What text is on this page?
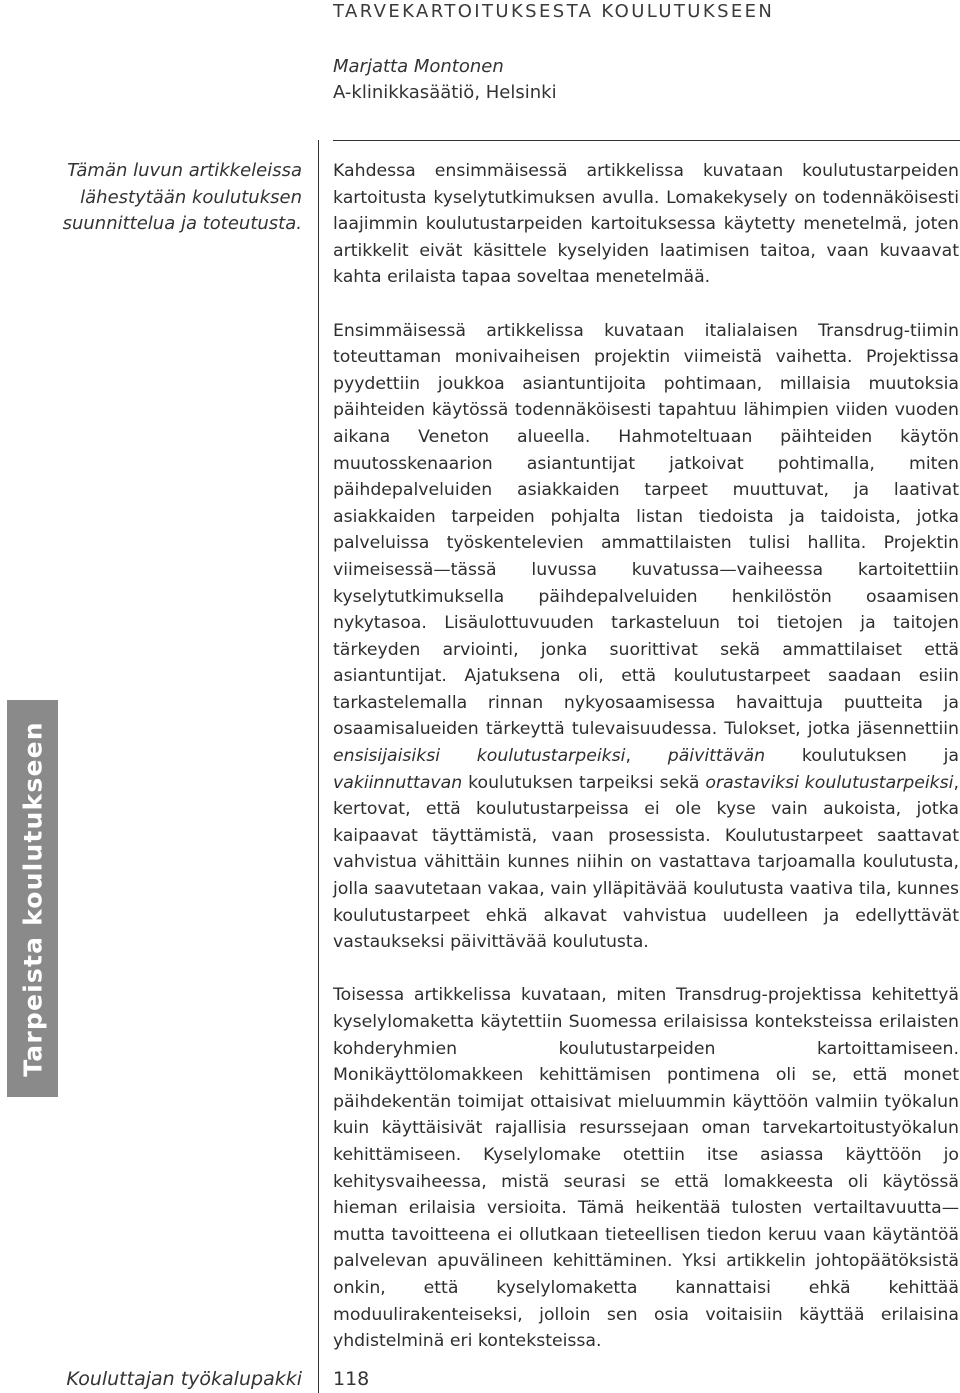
TARVEKARTOITUKSESTA KOULUTUKSEEN
Marjatta Montonen
A-klinikkasäätiö, Helsinki
Tämän luvun artikkeleissa lähestytään koulutuksen suunnittelua ja toteutusta.
Tarpeista koulutukseen

Kahdessa ensimmäisessä artikkelissa kuvataan koulutustarpeiden kartoitusta kyselytutkimuksen avulla. Lomakekysely on todennäköisesti laajimmin koulutustarpeiden kartoituksessa käytetty menetelmä, joten artikkelit eivät käsittele kyselyiden laatimisen taitoa, vaan kuvaavat kahta erilaista tapaa soveltaa menetelmää.

Ensimmäisessä artikkelissa kuvataan italialaisen Transdrug-tiimin toteuttaman monivaiheisen projektin viimeistä vaihetta. Projektissa pyydettiin joukkoa asiantuntijoita pohtimaan, millaisia muutoksia päihteiden käytössä todennäköisesti tapahtuu lähimpien viiden vuoden aikana Veneton alueella. Hahmoteltuaan päihteiden käytön muutosskenaarion asiantuntijat jatkoivat pohtimalla, miten päihdepalveluiden asiakkaiden tarpeet muuttuvat, ja laativat asiakkaiden tarpeiden pohjalta listan tiedoista ja taidoista, jotka palveluissa työskentelevien ammattilaisten tulisi hallita. Projektin viimeisessä—tässä luvussa kuvatussa—vaiheessa kartoitettiin kyselytutkimuksella päihdepalveluiden henkilöstön osaamisen nykytasoa. Lisäulottuvuuden tarkasteluun toi tietojen ja taitojen tärkeyden arviointi, jonka suorittivat sekä ammattilaiset että asiantuntijat. Ajatuksena oli, että koulutustarpeet saadaan esiin tarkastelemalla rinnan nykyosaamisessa havaittuja puutteita ja osaamisalueiden tärkeyttä tulevaisuudessa. Tulokset, jotka jäsennettiin ensisijaisiksi koulutustarpeiksi, päivittävän koulutuksen ja vakiinnuttavan koulutuksen tarpeiksi sekä orastaviksi koulutustarpeiksi, kertovat, että koulutustarpeissa ei ole kyse vain aukoista, jotka kaipaavat täyttämistä, vaan prosessista. Koulutustarpeet saattavat vahvistua vähittäin kunnes niihin on vastattava tarjoamalla koulutusta, jolla saavutetaan vakaa, vain ylläpitävää koulutusta vaativa tila, kunnes koulutustarpeet ehkä alkavat vahvistua uudelleen ja edellyttävät vastaukseksi päivittävää koulutusta.

Toisessa artikkelissa kuvataan, miten Transdrug-projektissa kehitettyä kyselylomaketta käytettiin Suomessa erilaisissa konteksteissa erilaisten kohderyhmien koulutustarpeiden kartoittamiseen. Monikäyttölomakkeen kehittämisen pontimena oli se, että monet päihdekentän toimijat ottaisivat mieluummin käyttöön valmiin työkalun kuin käyttäisivät rajallisia resurssejaan oman tarvekartoitustyökalun kehittämiseen. Kyselylomake otettiin itse asiassa käyttöön jo kehitysvaiheessa, mistä seurasi se että lomakkeesta oli käytössä hieman erilaisia versioita. Tämä heikentää tulosten vertailtavuutta—mutta tavoitteena ei ollutkaan tieteellisen tiedon keruu vaan käytäntöä palvelevan apuvälineen kehittäminen. Yksi artikkelin johtopäätöksistä onkin, että kyselylomaketta kannattaisi ehkä kehittää moduulirakenteiseksi, jolloin sen osia voitaisiin käyttää erilaisina yhdistelminä eri konteksteissa.

Kouluttajan työkalupakki 118
